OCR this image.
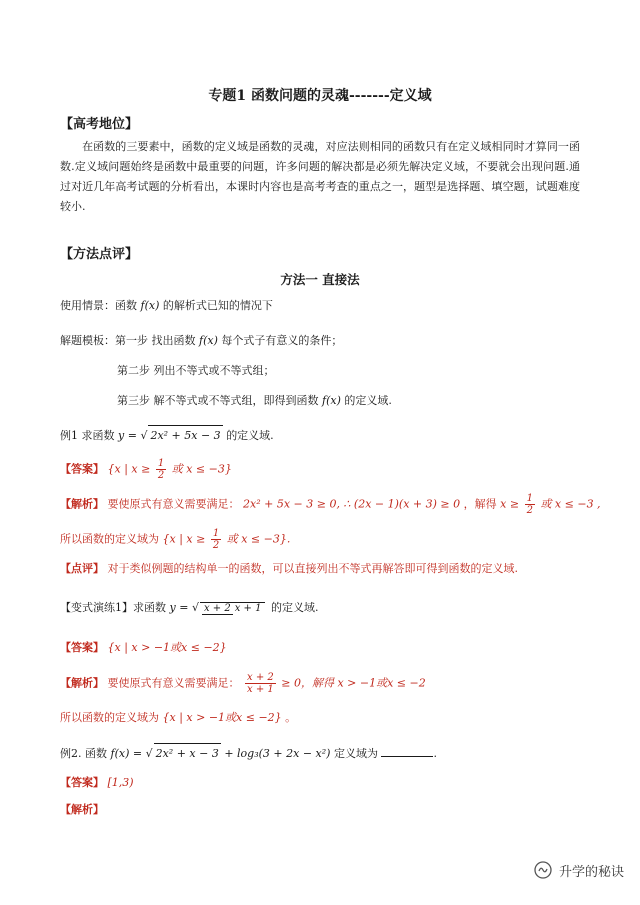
专题1 函数问题的灵魂-------定义域
【高考地位】
在函数的三要素中，函数的定义域是函数的灵魂，对应法则相同的函数只有在定义域相同时才算同一函数.定义域问题始终是函数中最重要的问题，许多问题的解决都是必须先解决定义域，不要就会出现问题.通过对近几年高考试题的分析看出，本课时内容也是高考考查的重点之一，题型是选择题、填空题，试题难度较小.
【方法点评】
方法一 直接法
使用情景：函数 f(x) 的解析式已知的情况下
解题模板：第一步 找出函数 f(x) 每个式子有意义的条件；
第二步 列出不等式或不等式组；
第三步 解不等式或不等式组，即得到函数 f(x) 的定义域.
例1 求函数 y = √ 2x² + 5x − 3 的定义域.
【答案】 {x | $x \ge \frac{1}{2}$ 或 x ≤ −3}
【解析】 要使原式有意义需要满足： 2x² + 5x − 3 ≥ 0, ∴ (2x − 1)(x + 3) ≥ 0 ，解得 $x \ge \frac{1}{2}$ 或 x ≤ −3 ,
所以函数的定义域为 {x | $x \ge \frac{1}{2}$ 或 x ≤ −3}.
【点评】 对于类似例题的结构单一的函数，可以直接列出不等式再解答即可得到函数的定义域.
【变式演练1】求函数 y = √ x + 2 x + 1 的定义域.
【答案】 {x | x > −1或x ≤ −2}
【解析】 要使原式有意义需要满足： $\frac{x + 2}{x + 1} \ge 0$，解得 x > −1或x ≤ −2
所以函数的定义域为 {x | x > −1或x ≤ −2} 。
例2. 函数 f(x) = √ 2x² + x − 3 + log₃(3 + 2x − x²) 定义域为	.
【答案】 [1,3)
【解析】
升学的秘诀
